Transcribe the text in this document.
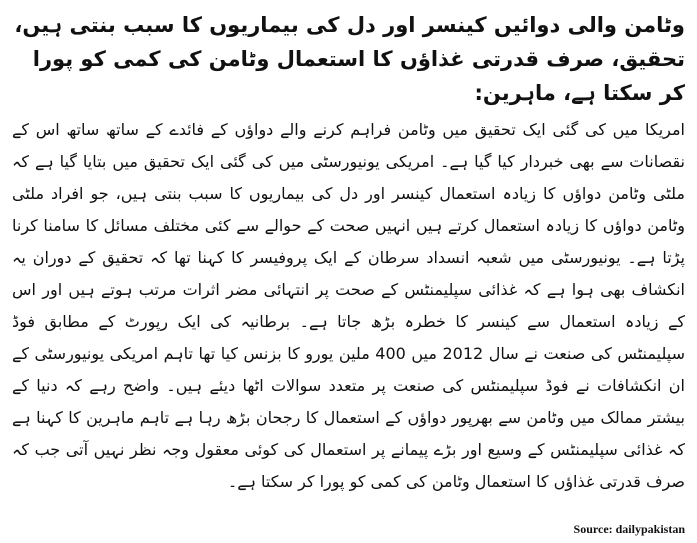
وٹامن والی دوائیں کینسر اور دل کی بیماریوں کا سبب بنتی ہیں، تحقیق، صرف قدرتی غذاؤں کا استعمال وٹامن کی کمی کو پورا کر سکتا ہے، ماہرین:

امریکا میں کی گئی ایک تحقیق میں وٹامن فراہم کرنے والے دواؤں کے فائدے کے ساتھ ساتھ اس کے نقصانات سے بھی خبردار کیا گیا ہے۔ امریکی یونیورسٹی میں کی گئی ایک تحقیق میں بتایا گیا ہے کہ ملٹی وٹامن دواؤں کا زیادہ استعمال کینسر اور دل کی بیماریوں کا سبب بنتی ہیں، جو افراد ملٹی وٹامن دواؤں کا زیادہ استعمال کرتے ہیں انہیں صحت کے حوالے سے کئی مختلف مسائل کا سامنا کرنا پڑتا ہے۔ یونیورسٹی میں شعبہ انسداد سرطان کے ایک پروفیسر کا کہنا تھا کہ تحقیق کے دوران یہ انکشاف بھی ہوا ہے کہ غذائی سپلیمنٹس کے صحت پر انتہائی مضر اثرات مرتب ہوتے ہیں اور اس کے زیادہ استعمال سے کینسر کا خطرہ بڑھ جاتا ہے۔ برطانیہ کی ایک رپورٹ کے مطابق فوڈ سپلیمنٹس کی صنعت نے سال 2012 میں 400 ملین یورو کا بزنس کیا تھا تاہم امریکی یونیورسٹی کے ان انکشافات نے فوڈ سپلیمنٹس کی صنعت پر متعدد سوالات اٹھا دیئے ہیں۔ واضح رہے کہ دنیا کے بیشتر ممالک میں وٹامن سے بھرپور دواؤں کے استعمال کا رجحان بڑھ رہا ہے تاہم ماہرین کا کہنا ہے کہ غذائی سپلیمنٹس کے وسیع اور بڑے پیمانے پر استعمال کی کوئی معقول وجہ نظر نہیں آتی جب کہ صرف قدرتی غذاؤں کا استعمال وٹامن کی کمی کو پورا کر سکتا ہے۔

Source: dailypakistan
